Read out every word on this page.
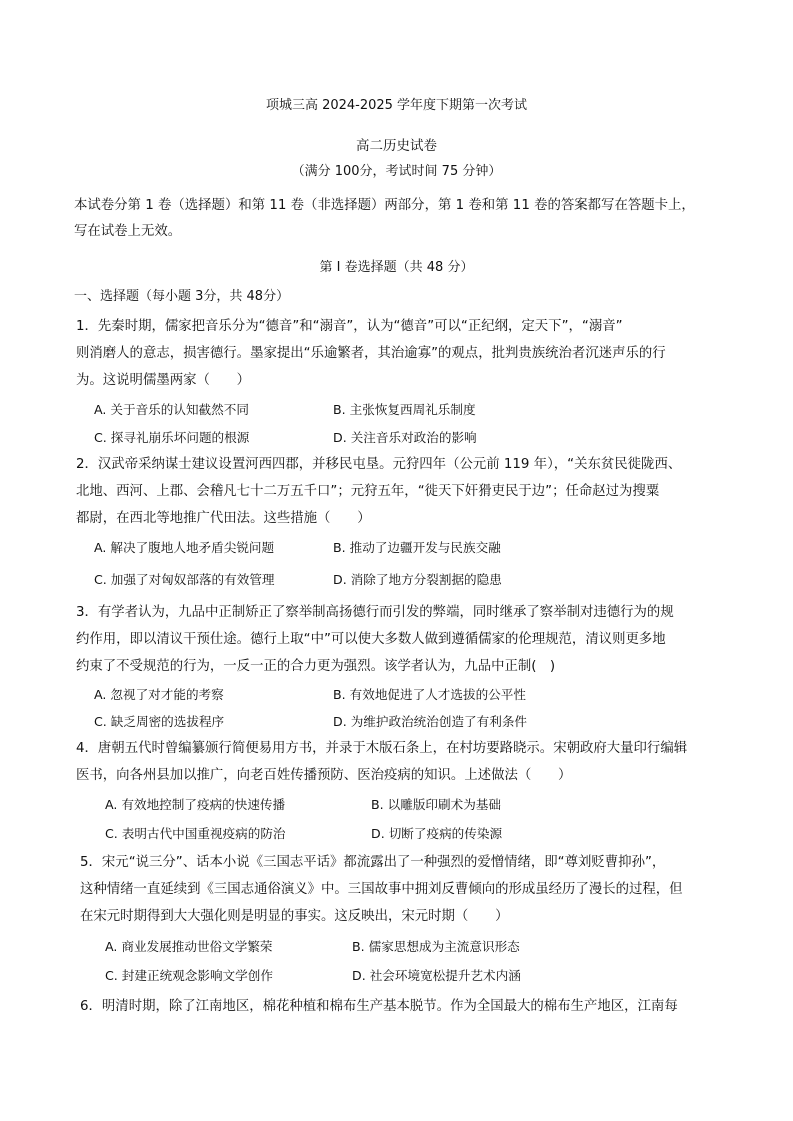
项城三高 2024-2025 学年度下期第一次考试
高二历史试卷
（满分 100分，考试时间 75 分钟）
本试卷分第 1 卷（选择题）和第 11 卷（非选择题）两部分，第 1 卷和第 11 卷的答案都写在答题卡上，
写在试卷上无效。
第 I 卷选择题（共 48 分）
一、选择题（每小题 3分，共 48分）
1．先秦时期，儒家把音乐分为“德音”和“溺音”，认为“德音”可以“正纪纲，定天下”，“溺音”
则消磨人的意志，损害德行。墨家提出“乐逾繁者，其治逾寡”的观点，批判贵族统治者沉迷声乐的行
为。这说明儒墨两家（　　）
A. 关于音乐的认知截然不同	B. 主张恢复西周礼乐制度
C. 探寻礼崩乐坏问题的根源	D. 关注音乐对政治的影响
2．汉武帝采纳谋士建议设置河西四郡，并移民屯垦。元狩四年（公元前 119 年），“关东贫民徙陇西、
北地、西河、上郡、会稽凡七十二万五千口”；元狩五年，“徙天下奸猾吏民于边”；任命赵过为搜粟
都尉，在西北等地推广代田法。这些措施（　　）
A. 解决了腹地人地矛盾尖锐问题	B. 推动了边疆开发与民族交融
C. 加强了对匈奴部落的有效管理	D. 消除了地方分裂割据的隐患
3．有学者认为，九品中正制矫正了察举制高扬德行而引发的弊端，同时继承了察举制对违德行为的规
约作用，即以清议干预仕途。德行上取“中”可以使大多数人做到遵循儒家的伦理规范，清议则更多地
约束了不受规范的行为，一反一正的合力更为强烈。该学者认为，九品中正制(　)
A. 忽视了对才能的考察	B. 有效地促进了人才选拔的公平性
C. 缺乏周密的选拔程序	D. 为维护政治统治创造了有利条件
4．唐朝五代时曾编纂颁行简便易用方书，并录于木版石条上，在村坊要路晓示。宋朝政府大量印行编辑
医书，向各州县加以推广，向老百姓传播预防、医治疫病的知识。上述做法（　　）
A. 有效地控制了疫病的快速传播	B. 以雕版印刷术为基础
C. 表明古代中国重视疫病的防治	D. 切断了疫病的传染源
5．宋元“说三分”、话本小说《三国志平话》都流露出了一种强烈的爱憎情绪，即“尊刘贬曹抑孙”，
这种情绪一直延续到《三国志通俗演义》中。三国故事中拥刘反曹倾向的形成虽经历了漫长的过程，但
在宋元时期得到大大强化则是明显的事实。这反映出，宋元时期（　　）
A. 商业发展推动世俗文学繁荣	B. 儒家思想成为主流意识形态
C. 封建正统观念影响文学创作	D. 社会环境宽松提升艺术内涵
6．明清时期，除了江南地区，棉花种植和棉布生产基本脱节。作为全国最大的棉布生产地区，江南每
